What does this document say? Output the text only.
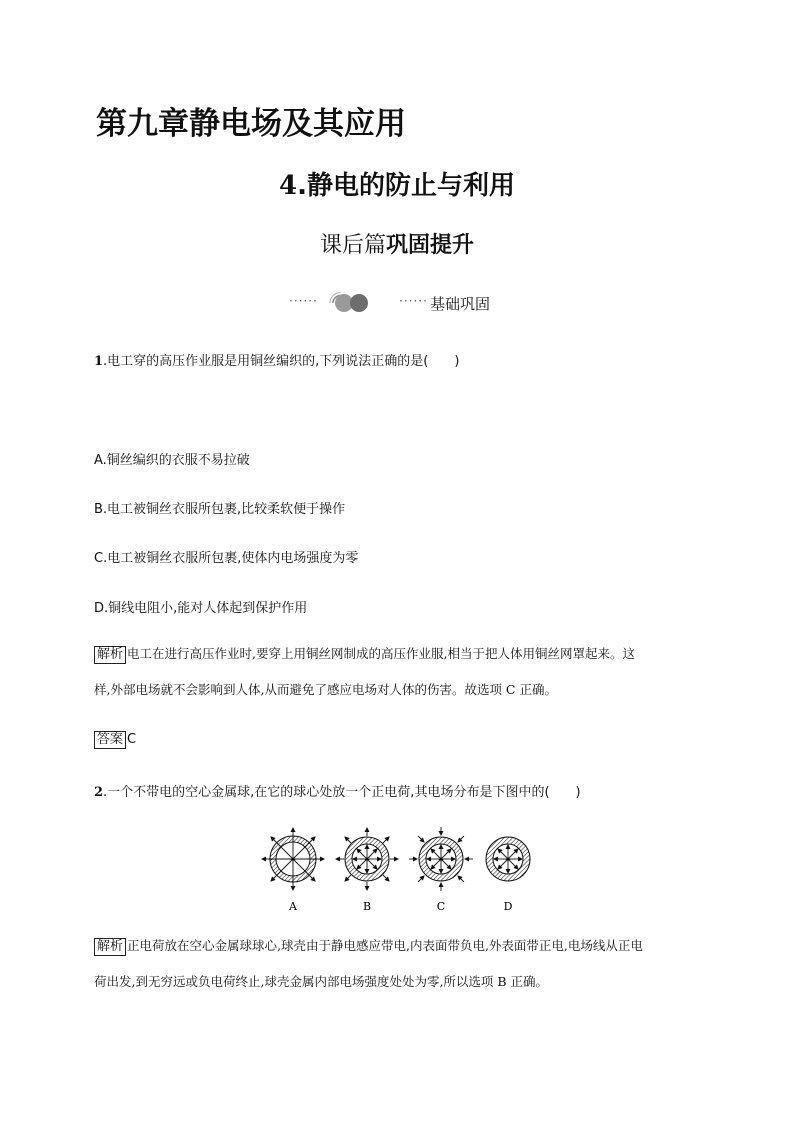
第九章静电场及其应用
4.静电的防止与利用
课后篇巩固提升
······	······ 基础巩固
1.电工穿的高压作业服是用铜丝编织的,下列说法正确的是(　　)
A.铜丝编织的衣服不易拉破
B.电工被铜丝衣服所包裹,比较柔软便于操作
C.电工被铜丝衣服所包裹,使体内电场强度为零
D.铜线电阻小,能对人体起到保护作用
解析 电工在进行高压作业时,要穿上用铜丝网制成的高压作业服,相当于把人体用铜丝网罩起来。这
样,外部电场就不会影响到人体,从而避免了感应电场对人体的伤害。故选项 C 正确。
答案 C
2.一个不带电的空心金属球,在它的球心处放一个正电荷,其电场分布是下图中的(　　)
+	+	+	+
A	B	C	D
解析 正电荷放在空心金属球球心,球壳由于静电感应带电,内表面带负电,外表面带正电,电场线从正电
荷出发,到无穷远或负电荷终止,球壳金属内部电场强度处处为零,所以选项 B 正确。
